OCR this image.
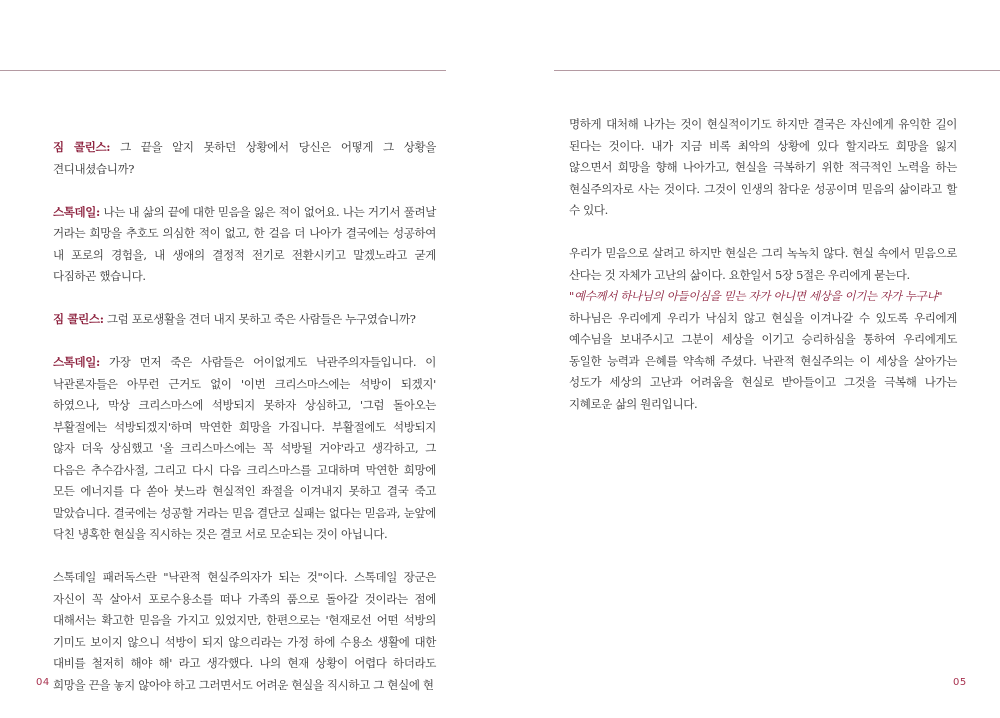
짐 콜린스: 그 끝을 알지 못하던 상황에서 당신은 어떻게 그 상황을 견디내셨습니까?

스톡데일: 나는 내 삶의 끝에 대한 믿음을 잃은 적이 없어요. 나는 거기서 풀려날 거라는 희망을 추호도 의심한 적이 없고, 한 걸음 더 나아가 결국에는 성공하여 내 포로의 경험을, 내 생애의 결정적 전기로 전환시키고 말겠노라고 굳게 다짐하곤 했습니다.

짐 콜린스: 그럼 포로생활을 견더 내지 못하고 죽은 사람들은 누구였습니까?

스톡데일: 가장 먼저 죽은 사람들은 어이없게도 낙관주의자들입니다. 이 낙관론자들은 아무런 근거도 없이 '이번 크리스마스에는 석방이 되겠지' 하였으나, 막상 크리스마스에 석방되지 못하자 상심하고, '그럼 돌아오는 부활절에는 석방되겠지'하며 막연한 희망을 가집니다. 부활절에도 석방되지 않자 더욱 상심했고 '올 크리스마스에는 꼭 석방될 거야'라고 생각하고, 그 다음은 추수감사절, 그리고 다시 다음 크리스마스를 고대하며 막연한 희망에 모든 에너지를 다 쏟아 붓느라 현실적인 좌절을 이겨내지 못하고 결국 죽고 말았습니다. 결국에는 성공할 거라는 믿음 결단코 실패는 없다는 믿음과, 눈앞에 닥친 냉혹한 현실을 직시하는 것은 결코 서로 모순되는 것이 아닙니다.

스톡데일 패러독스란 "낙관적 현실주의자가 되는 것"이다. 스톡데일 장군은 자신이 꼭 살아서 포로수용소를 떠나 가족의 품으로 돌아갈 것이라는 점에 대해서는 확고한 믿음을 가지고 있었지만, 한편으로는 '현재로선 어떤 석방의 기미도 보이지 않으니 석방이 되지 않으리라는 가정 하에 수용소 생활에 대한 대비를 철저히 해야 해' 라고 생각했다. 나의 현재 상황이 어렵다 하더라도 희망을 끈을 놓지 않아야 하고 그러면서도 어려운 현실을 직시하고 그 현실에 현

04

명하게 대처해 나가는 것이 현실적이기도 하지만 결국은 자신에게 유익한 길이 된다는 것이다. 내가 지금 비록 최악의 상황에 있다 할지라도 희망을 잃지 않으면서 희망을 향해 나아가고, 현실을 극복하기 위한 적극적인 노력을 하는 현실주의자로 사는 것이다. 그것이 인생의 참다운 성공이며 믿음의 삶이라고 할 수 있다.

우리가 믿음으로 살려고 하지만 현실은 그리 녹녹치 않다. 현실 속에서 믿음으로 산다는 것 자체가 고난의 삶이다. 요한일서 5장 5절은 우리에게 묻는다.
"예수께서 하나님의 아들이심을 믿는 자가 아니면 세상을 이기는 자가 누구냐"
하나님은 우리에게 우리가 낙심치 않고 현실을 이겨나갈 수 있도록 우리에게 예수님을 보내주시고 그분이 세상을 이기고 승리하심을 통하여 우리에게도 동일한 능력과 은혜를 약속해 주셨다. 낙관적 현실주의는 이 세상을 살아가는 성도가 세상의 고난과 어려움을 현실로 받아들이고 그것을 극복해 나가는 지혜로운 삶의 원리입니다.

05
